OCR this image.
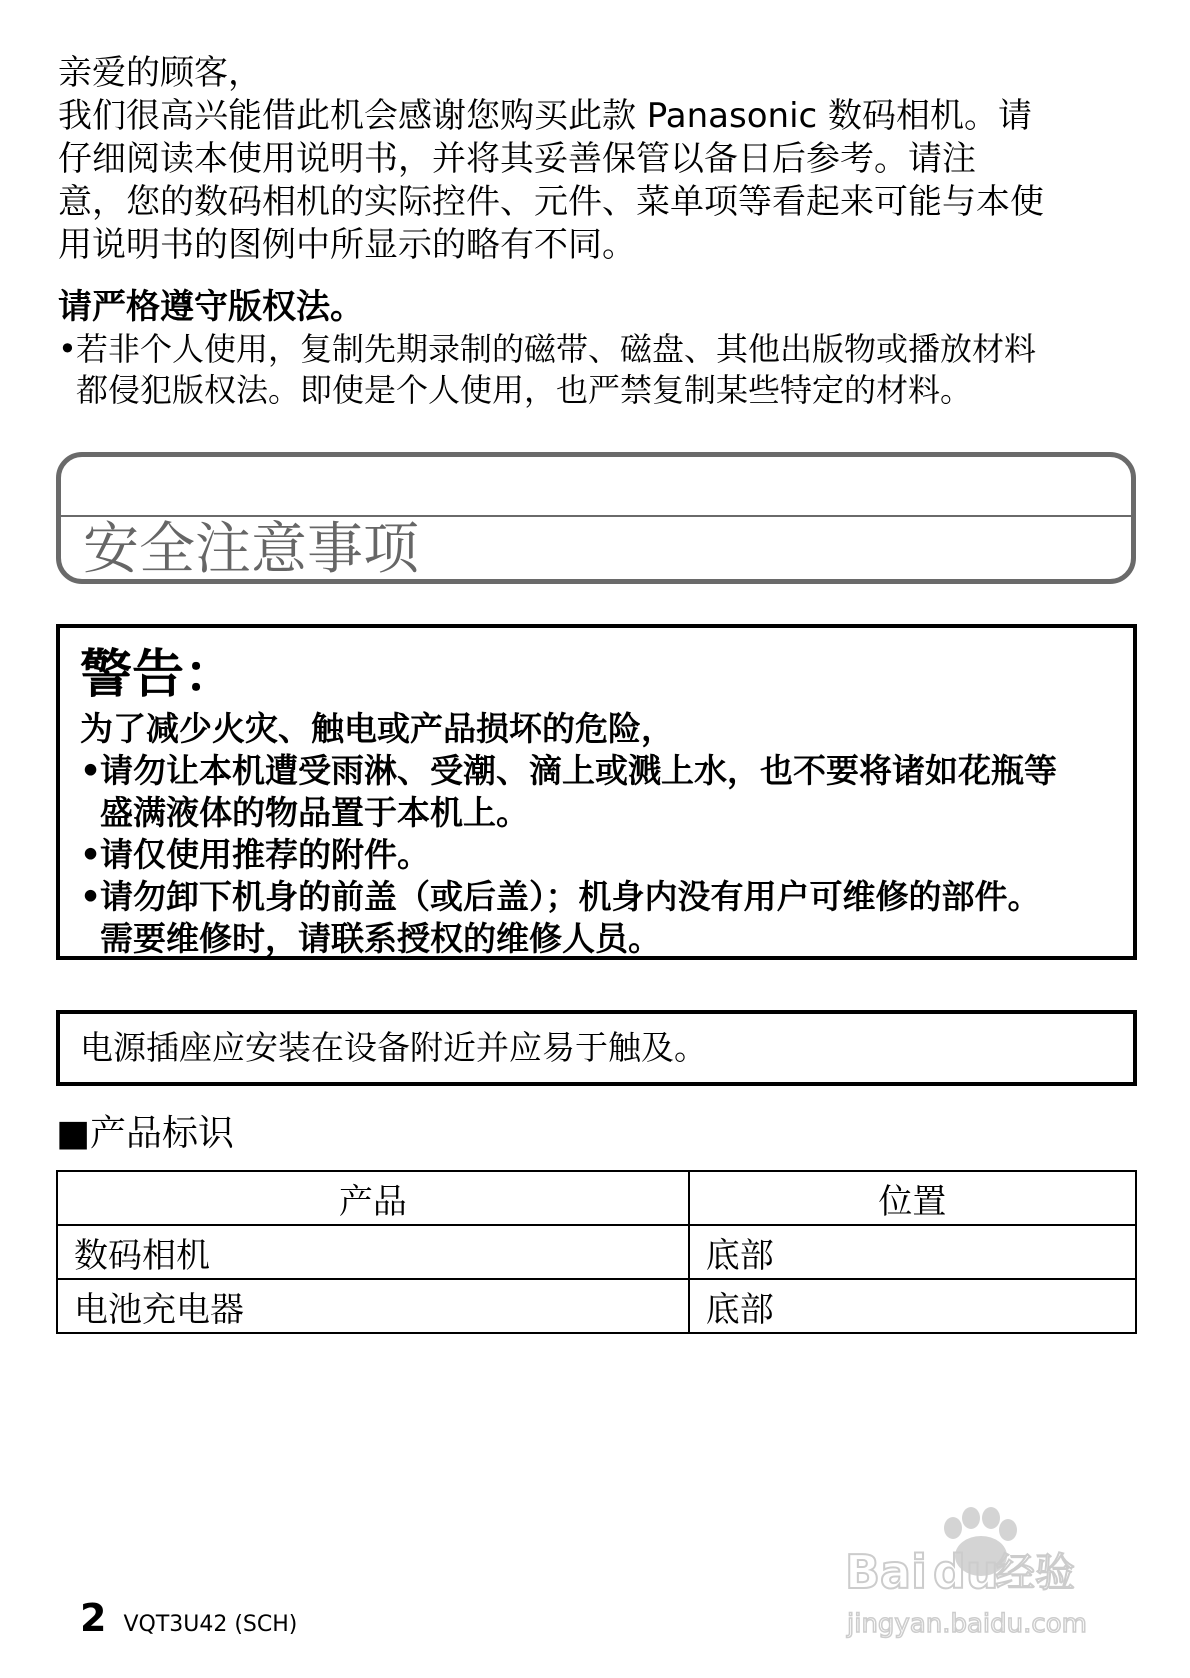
亲爱的顾客，

我们很高兴能借此机会感谢您购买此款 Panasonic 数码相机。请

仔细阅读本使用说明书，并将其妥善保管以备日后参考。请注

意，您的数码相机的实际控件、元件、菜单项等看起来可能与本使

用说明书的图例中所显示的略有不同。

请严格遵守版权法。

• 若非个人使用，复制先期录制的磁带、磁盘、其他出版物或播放材料
都侵犯版权法。即使是个人使用，也严禁复制某些特定的材料。
安全注意事项

警告：

为了减少火灾、触电或产品损坏的危险，

•
请勿让本机遭受雨淋、受潮、滴上或溅上水，也不要将诸如花瓶等
盛满液体的物品置于本机上。
•
请仅使用推荐的附件。
•
请勿卸下机身的前盖（或后盖）；机身内没有用户可维修的部件。
需要维修时，请联系授权的维修人员。
电源插座应安装在设备附近并应易于触及。
■产品标识
产品	位置
数码相机	底部
电池充电器	底部
2 VQT3U42 (SCH)
Bai du
经验
jingyan.baidu.com
